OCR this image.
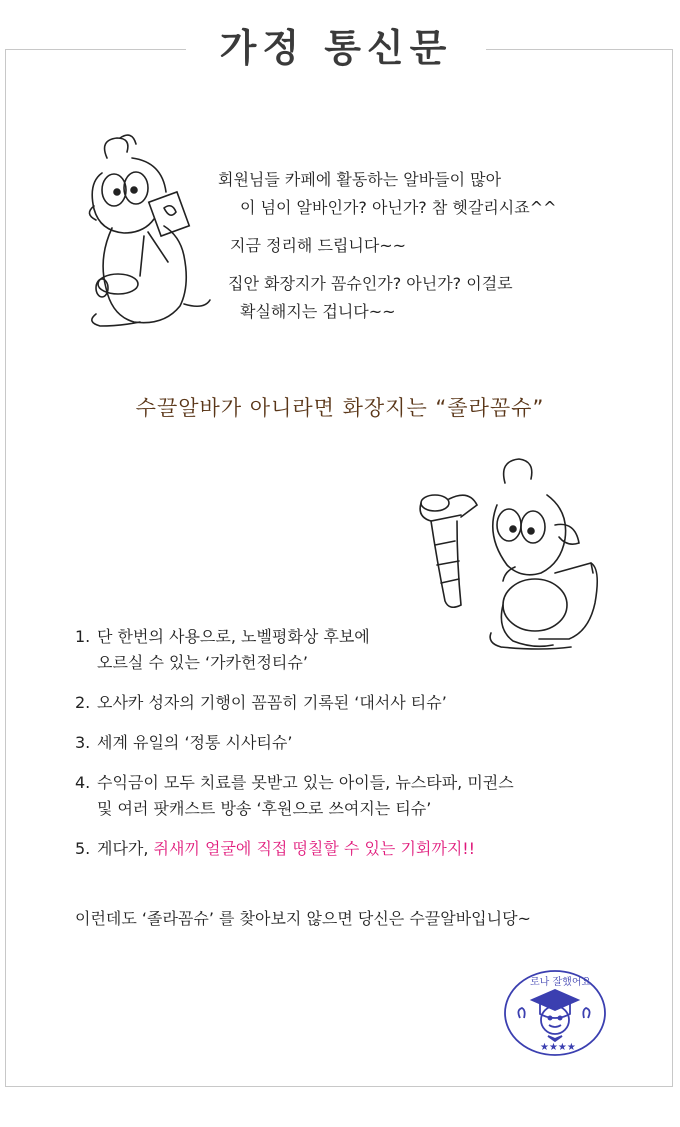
가정 통신문

회원님들 카페에 활동하는 알바들이 많아

이 넘이 알바인가? 아닌가? 참 헷갈리시죠^^

지금 정리해 드립니다~~

집안 화장지가 꼼슈인가? 아닌가? 이걸로

확실해지는 겁니다~~

수끌알바가 아니라면 화장지는 “졸라꼼슈”
1. 단 한번의 사용으로, 노벨평화상 후보에
오르실 수 있는 ‘가카헌정티슈’
2. 오사카 성자의 기행이 꼼꼼히 기록된 ‘대서사 티슈’
3. 세계 유일의 ‘정통 시사티슈’
4. 수익금이 모두 치료를 못받고 있는 아이들, 뉴스타파, 미권스
및 여러 팟캐스트 방송 ‘후원으로 쓰여지는 티슈’
5. 게다가, 쥐새끼 얼굴에 직접 떵칠할 수 있는 기회까지!!
이런데도 ‘졸라꼼슈’ 를 찾아보지 않으면 당신은 수끌알바입니당~
★★★★
로나 잘했어요
